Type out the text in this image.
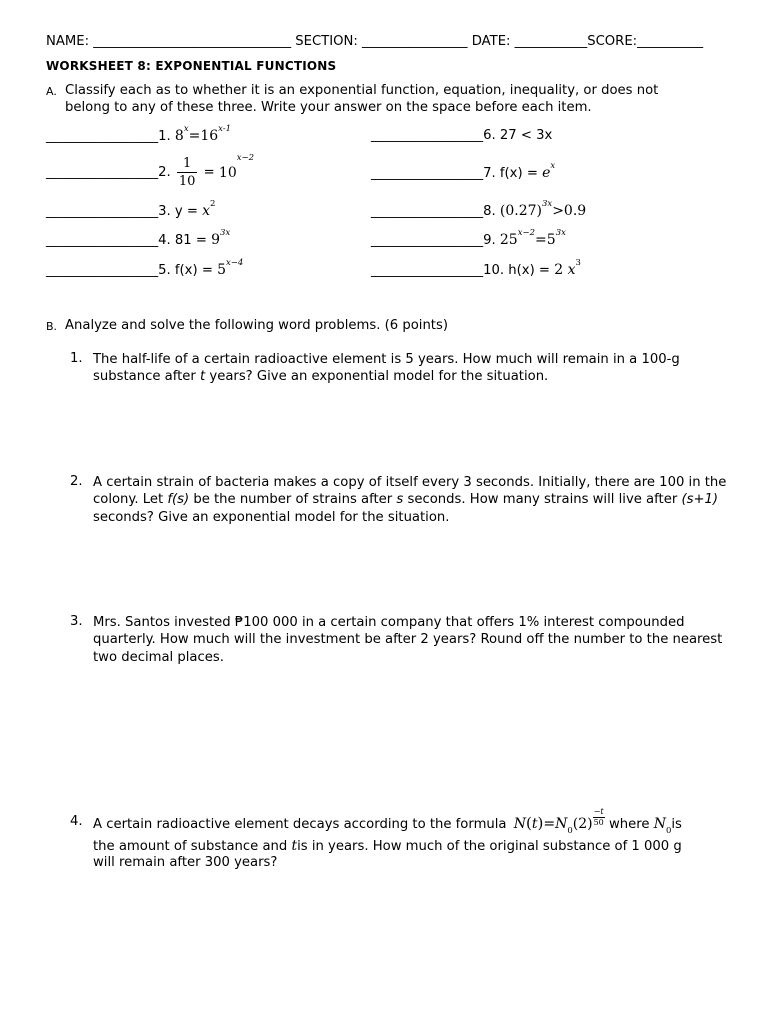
NAME: ______________________________ SECTION: ________________ DATE: ___________SCORE:__________
WORKSHEET 8: EXPONENTIAL FUNCTIONS
A. Classify each as to whether it is an exponential function, equation, inequality, or does not
belong to any of these three. Write your answer on the space before each item.
_________________1. $8^x=16^{x-1}$
_________________2. $\frac{1}{10} = 10^{x-2}$
_________________3. $y = x^2$
_________________4. $81 = 9^{3x}$
_________________5. $f(x) = 5^{x-4}$
_________________6. 27 < 3x
_________________7. $f(x) = e^x$
_________________8. $(0.27)^{3x}>0.9$
_________________9. $25^{x-2}=5^{3x}$
_________________10. h(x) = 2 $x^3$
B. Analyze and solve the following word problems. (6 points)
1. The half-life of a certain radioactive element is 5 years. How much will remain in a 100-g substance after t years? Give an exponential model for the situation.
2. A certain strain of bacteria makes a copy of itself every 3 seconds. Initially, there are 100 in the colony. Let f(s) be the number of strains after s seconds. How many strains will live after (s+1) seconds? Give an exponential model for the situation.
3. Mrs. Santos invested ₱100 000 in a certain company that offers 1% interest compounded quarterly. How much will the investment be after 2 years? Round off the number to the nearest two decimal places.
4. A certain radioactive element decays according to the formula $N(t)=N_0(2) \frac{-t}{50}$ where $N_0is$
the amount of substance and tis in years. How much of the original substance of 1 000 g
will remain after 300 years?
